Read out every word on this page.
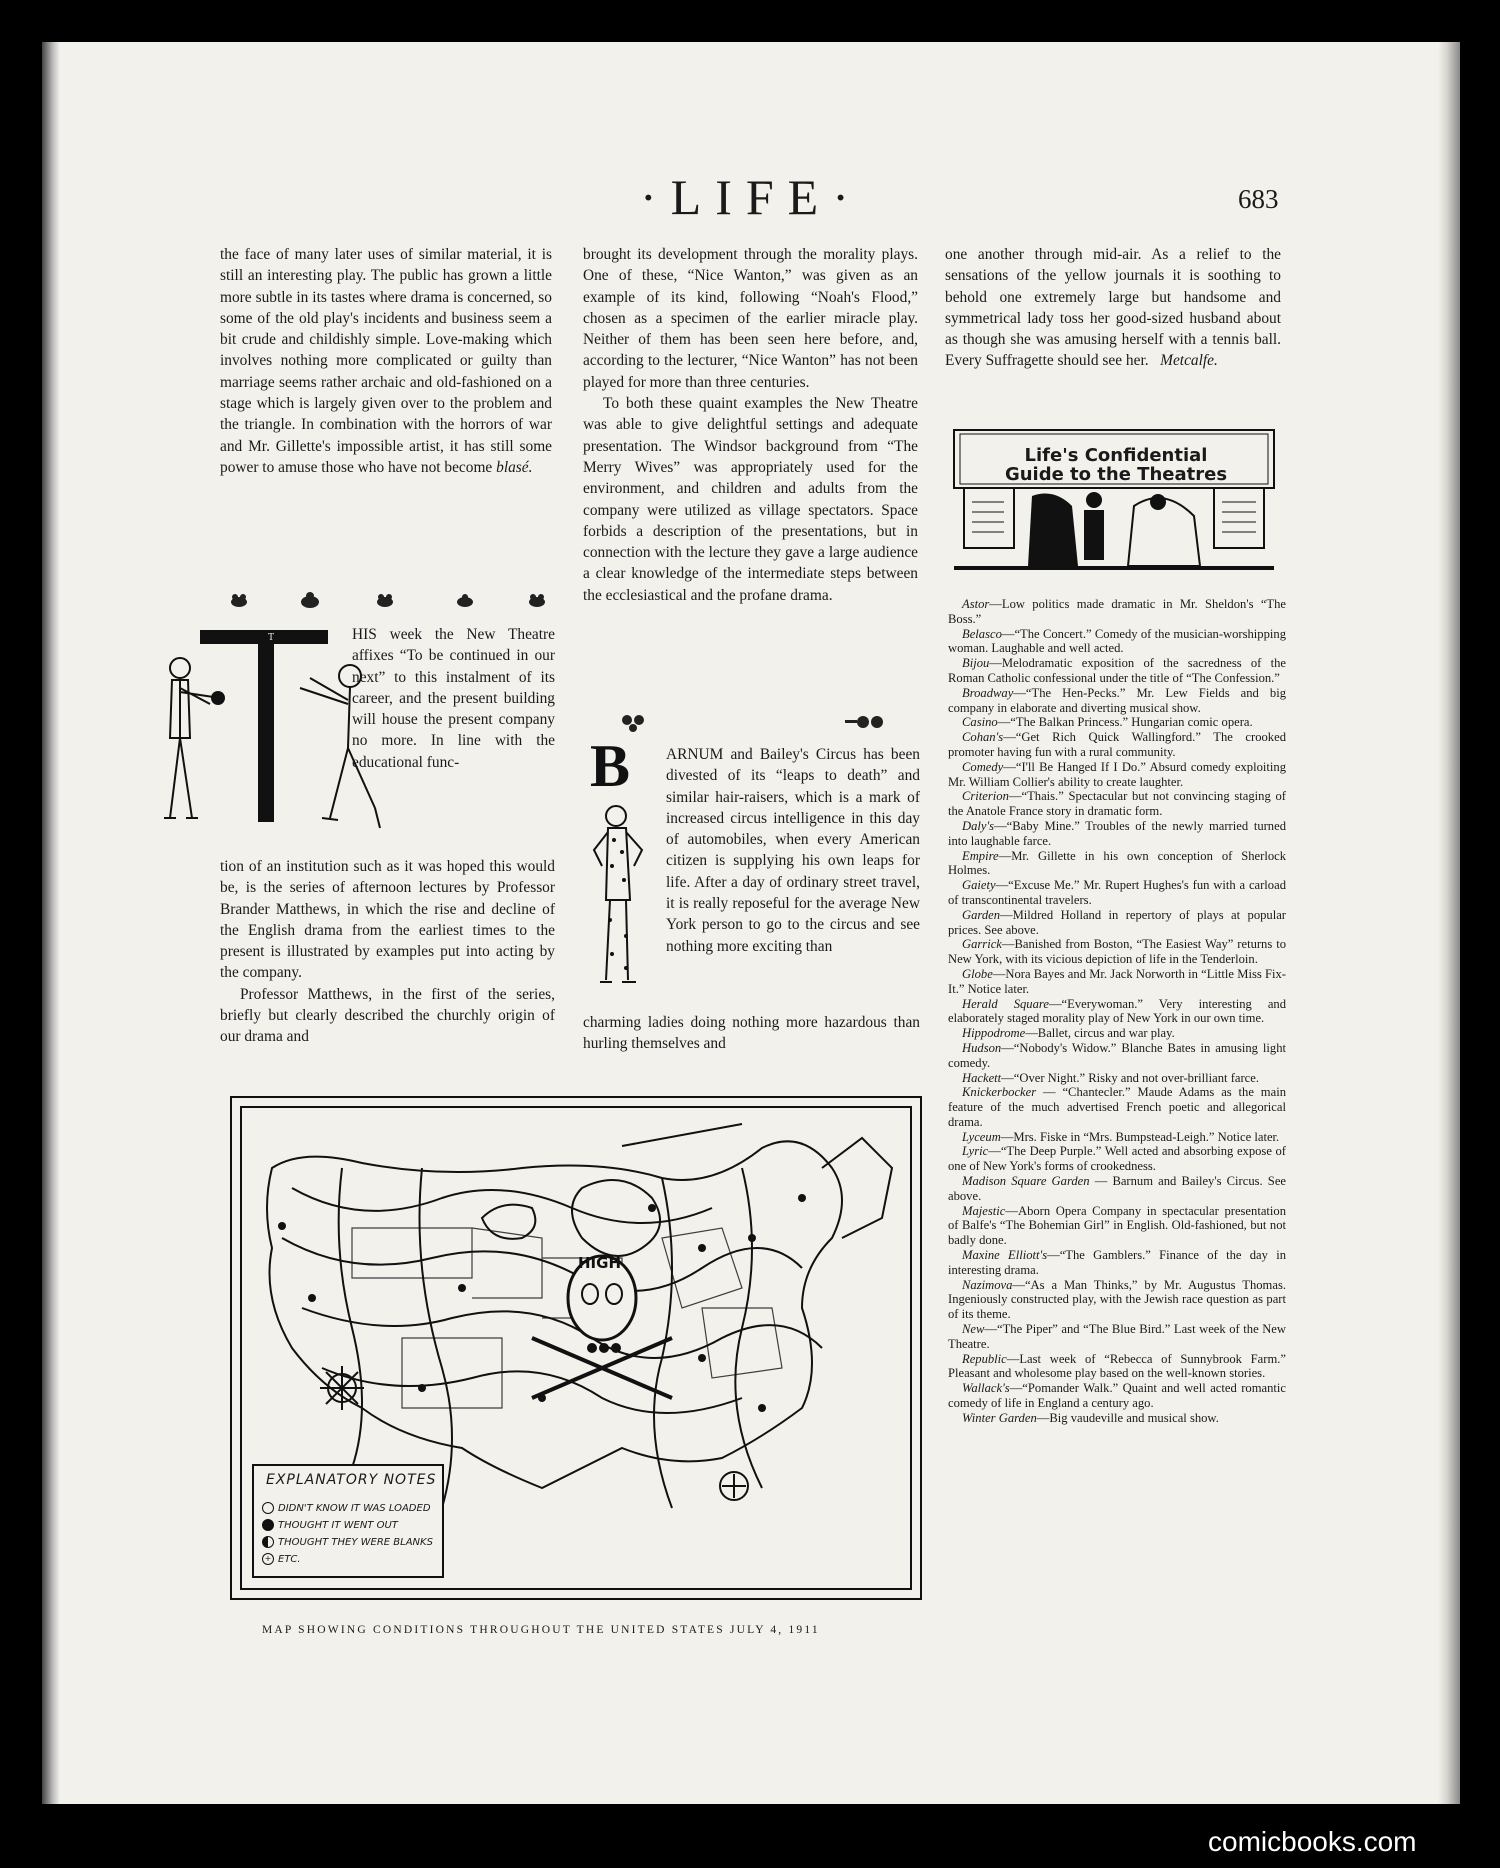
·LIFE·	683

the face of many later uses of similar material, it is still an interesting play. The public has grown a little more subtle in its tastes where drama is concerned, so some of the old play's incidents and business seem a bit crude and childishly simple. Love-making which involves nothing more complicated or guilty than marriage seems rather archaic and old-fashioned on a stage which is largely given over to the problem and the triangle. In combination with the horrors of war and Mr. Gillette's impossible artist, it has still some power to amuse those who have not become blasé.

T	HIS week the New Theatre affixes “To be continued in our next” to this instalment of its career, and the present building will house the present company no more. In line with the educational func-

tion of an institution such as it was hoped this would be, is the series of afternoon lectures by Professor Brander Matthews, in which the rise and decline of the English drama from the earliest times to the present is illustrated by examples put into acting by the company.

Professor Matthews, in the first of the series, briefly but clearly described the churchly origin of our drama and

brought its development through the morality plays. One of these, “Nice Wanton,” was given as an example of its kind, following “Noah's Flood,” chosen as a specimen of the earlier miracle play. Neither of them has been seen here before, and, according to the lecturer, “Nice Wanton” has not been played for more than three centuries.

To both these quaint examples the New Theatre was able to give delightful settings and adequate presentation. The Windsor background from “The Merry Wives” was appropriately used for the environment, and children and adults from the company were utilized as village spectators. Space forbids a description of the presentations, but in connection with the lecture they gave a large audience a clear knowledge of the intermediate steps between the ecclesiastical and the profane drama.

B ARNUM and Bailey's Circus has been divested of its “leaps to death” and similar hair-raisers, which is a mark of increased circus intelligence in this day of automobiles, when every American citizen is supplying his own leaps for life. After a day of ordinary street travel, it is really reposeful for the average New York person to go to the circus and see nothing more exciting than
charming ladies doing nothing more hazardous than hurling themselves and

one another through mid-air. As a relief to the sensations of the yellow journals it is soothing to behold one extremely large but handsome and symmetrical lady toss her good-sized husband about as though she was amusing herself with a tennis ball. Every Suffragette should see her. Metcalfe.

Life's Confidential
Guide to the Theatres

Astor—Low politics made dramatic in Mr. Sheldon's “The Boss.”

Belasco—“The Concert.” Comedy of the musician-worshipping woman. Laughable and well acted.

Bijou—Melodramatic exposition of the sacredness of the Roman Catholic confessional under the title of “The Confession.”

Broadway—“The Hen-Pecks.” Mr. Lew Fields and big company in elaborate and diverting musical show.

Casino—“The Balkan Princess.” Hungarian comic opera.

Cohan's—“Get Rich Quick Wallingford.” The crooked promoter having fun with a rural community.

Comedy—“I'll Be Hanged If I Do.” Absurd comedy exploiting Mr. William Collier's ability to create laughter.

Criterion—“Thais.” Spectacular but not convincing staging of the Anatole France story in dramatic form.

Daly's—“Baby Mine.” Troubles of the newly married turned into laughable farce.

Empire—Mr. Gillette in his own conception of Sherlock Holmes.

Gaiety—“Excuse Me.” Mr. Rupert Hughes's fun with a carload of transcontinental travelers.

Garden—Mildred Holland in repertory of plays at popular prices. See above.

Garrick—Banished from Boston, “The Easiest Way” returns to New York, with its vicious depiction of life in the Tenderloin.

Globe—Nora Bayes and Mr. Jack Norworth in “Little Miss Fix-It.” Notice later.

Herald Square—“Everywoman.” Very interesting and elaborately staged morality play of New York in our own time.

Hippodrome—Ballet, circus and war play.

Hudson—“Nobody's Widow.” Blanche Bates in amusing light comedy.

Hackett—“Over Night.” Risky and not over-brilliant farce.

Knickerbocker — “Chantecler.” Maude Adams as the main feature of the much advertised French poetic and allegorical drama.

Lyceum—Mrs. Fiske in “Mrs. Bumpstead-Leigh.” Notice later.

Lyric—“The Deep Purple.” Well acted and absorbing expose of one of New York's forms of crookedness.

Madison Square Garden — Barnum and Bailey's Circus. See above.

Majestic—Aborn Opera Company in spectacular presentation of Balfe's “The Bohemian Girl” in English. Old-fashioned, but not badly done.

Maxine Elliott's—“The Gamblers.” Finance of the day in interesting drama.

Nazimova—“As a Man Thinks,” by Mr. Augustus Thomas. Ingeniously constructed play, with the Jewish race question as part of its theme.

New—“The Piper” and “The Blue Bird.” Last week of the New Theatre.

Republic—Last week of “Rebecca of Sunnybrook Farm.” Pleasant and wholesome play based on the well-known stories.

Wallack's—“Pomander Walk.” Quaint and well acted romantic comedy of life in England a century ago.

Winter Garden—Big vaudeville and musical show.

HIGH
EXPLANATORY NOTES
DIDN'T KNOW IT WAS LOADED
THOUGHT IT WENT OUT
THOUGHT THEY WERE BLANKS
+ ETC.
MAP SHOWING CONDITIONS THROUGHOUT THE UNITED STATES JULY 4, 1911
comicbooks.com
